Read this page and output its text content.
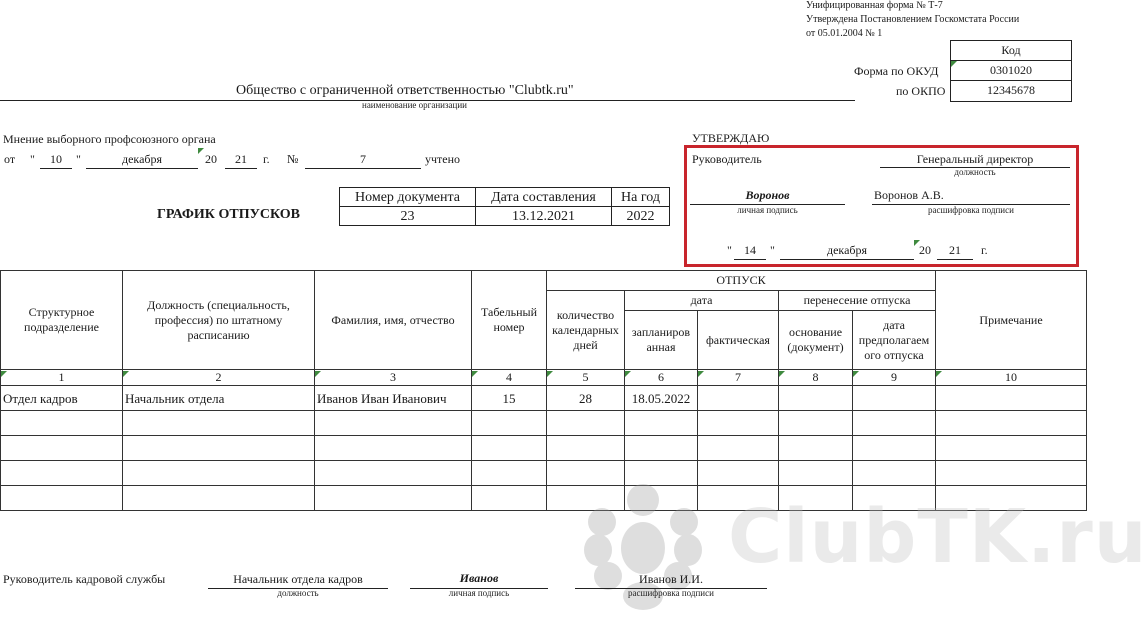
Унифицированная форма № Т-7
Утверждена Постановлением Госкомстата России
от 05.01.2004 № 1
Код
0301020
12345678
Форма по ОКУД
по ОКПО
Общество с ограниченной ответственностью "Clubtk.ru"
наименование организации
Мнение выборного профсоюзного органа
от "	10	"	декабря	20	21	г. №	7	учтено
ГРАФИК ОТПУСКОВ
Номер документа	Дата составления	На год
23	13.12.2021	2022
УТВЕРЖДАЮ
Руководитель	Генеральный директор
должность
Воронов
личная подпись
Воронов А.В.
расшифровка подписи
"	14	"	декабря	20	21	г.
Структурное подразделение	Должность (специальность, профессия) по штатному расписанию	Фамилия, имя, отчество	Табельный номер	ОТПУСК					Примечание
				количество календарных дней	дата		перенесение отпуска		
					запланиров анная	фактическая	основание (документ)	дата предполагаем ого отпуска	
1	2	3	4	5	6	7	8	9	10
Отдел кадров	Начальник отдела	Иванов Иван Иванович	15	28	18.05.2022				

ClubTK.ru
Руководитель кадровой службы	Начальник отдела кадров
должность
Иванов
личная подпись
Иванов И.И.
расшифровка подписи
